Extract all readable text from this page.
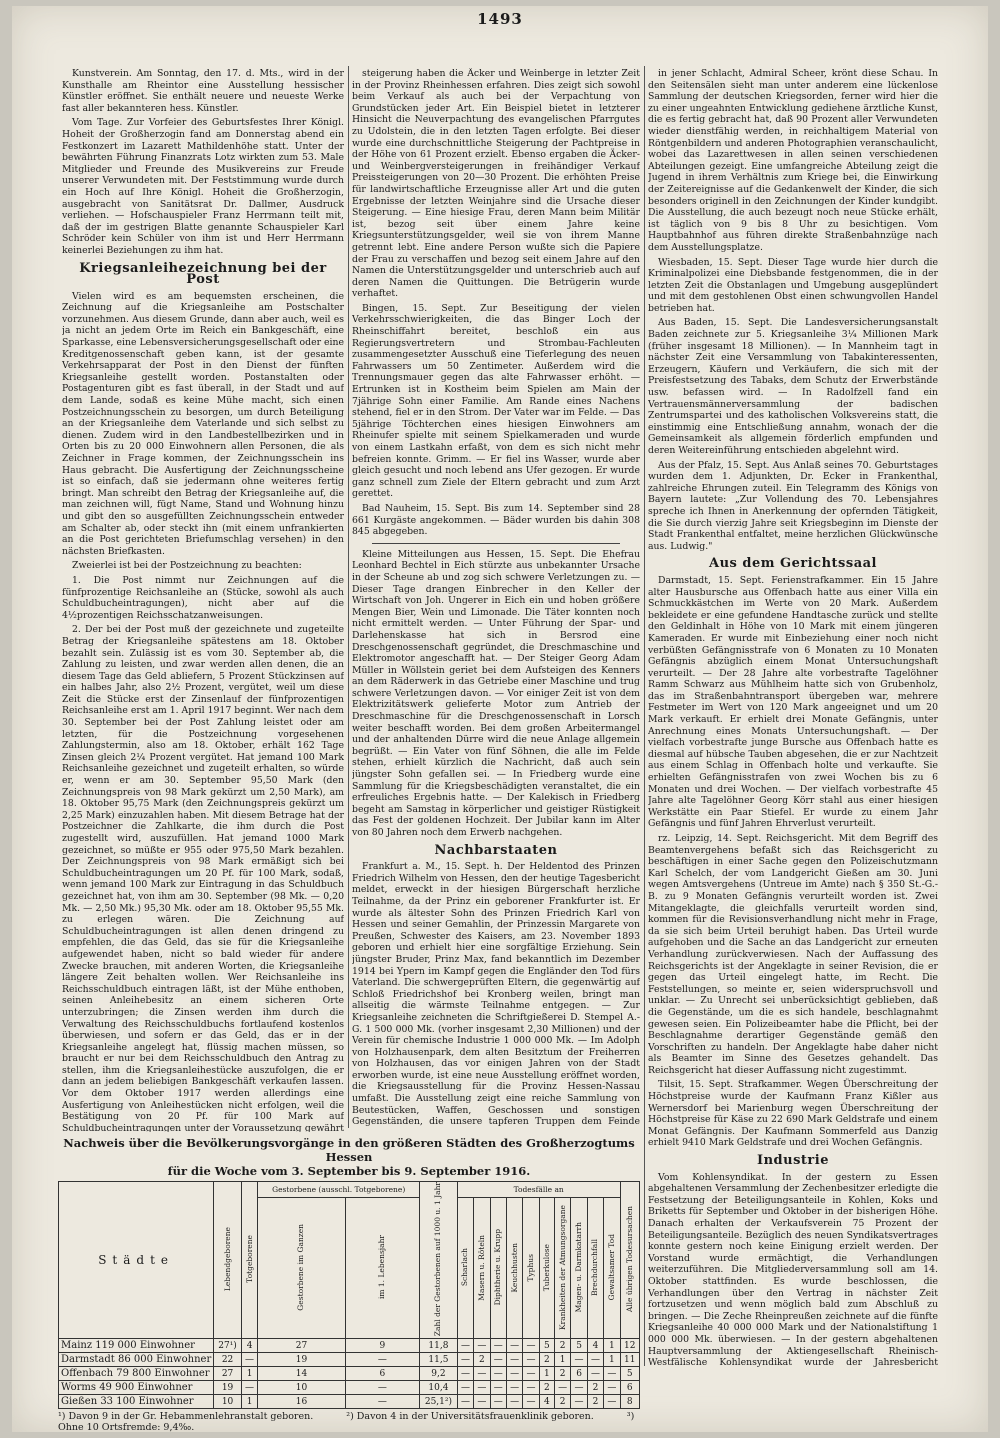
1493

Kunstverein. Am Sonntag, den 17. d. Mts., wird in der Kunsthalle am Rheintor eine Ausstellung hessischer Künstler eröffnet. Sie enthält neuere und neueste Werke fast aller bekannteren hess. Künstler.

Vom Tage. Zur Vorfeier des Geburtsfestes Ihrer Königl. Hoheit der Großherzogin fand am Donnerstag abend ein Festkonzert im Lazarett Mathildenhöhe statt. Unter der bewährten Führung Finanzrats Lotz wirkten zum 53. Male Mitglieder und Freunde des Musikvereins zur Freude unserer Verwundeten mit. Der Feststimmung wurde durch ein Hoch auf Ihre Königl. Hoheit die Großherzogin, ausgebracht von Sanitätsrat Dr. Dallmer, Ausdruck verliehen. — Hofschauspieler Franz Herrmann teilt mit, daß der im gestrigen Blatte genannte Schauspieler Karl Schröder kein Schüler von ihm ist und Herr Herrmann keinerlei Beziehungen zu ihm hat.

Kriegsanleihezeichnung bei der Post

Vielen wird es am bequemsten erscheinen, die Zeichnung auf die Kriegsanleihe am Postschalter vorzunehmen. Aus diesem Grunde, dann aber auch, weil es ja nicht an jedem Orte im Reich ein Bankgeschäft, eine Sparkasse, eine Lebensversicherungsgesellschaft oder eine Kreditgenossenschaft geben kann, ist der gesamte Verkehrsapparat der Post in den Dienst der fünften Kriegsanleihe gestellt worden. Postanstalten oder Postagenturen gibt es fast überall, in der Stadt und auf dem Lande, sodaß es keine Mühe macht, sich einen Postzeichnungsschein zu besorgen, um durch Beteiligung an der Kriegsanleihe dem Vaterlande und sich selbst zu dienen. Zudem wird in den Landbestellbezirken und in Orten bis zu 20 000 Einwohnern allen Personen, die als Zeichner in Frage kommen, der Zeichnungsschein ins Haus gebracht. Die Ausfertigung der Zeichnungsscheine ist so einfach, daß sie jedermann ohne weiteres fertig bringt. Man schreibt den Betrag der Kriegsanleihe auf, die man zeichnen will, fügt Name, Stand und Wohnung hinzu und gibt den so ausgefüllten Zeichnungsschein entweder am Schalter ab, oder steckt ihn (mit einem unfrankierten an die Post gerichteten Briefumschlag versehen) in den nächsten Briefkasten.

Zweierlei ist bei der Postzeichnung zu beachten:

1. Die Post nimmt nur Zeichnungen auf die fünfprozentige Reichsanleihe an (Stücke, sowohl als auch Schuldbucheintragungen), nicht aber auf die 4½prozentigen Reichsschatzanweisungen.

2. Der bei der Post muß der gezeichnete und zugeteilte Betrag der Kriegsanleihe spätestens am 18. Oktober bezahlt sein. Zulässig ist es vom 30. September ab, die Zahlung zu leisten, und zwar werden allen denen, die an diesem Tage das Geld abliefern, 5 Prozent Stückzinsen auf ein halbes Jahr, also 2½ Prozent, vergütet, weil um diese Zeit die Stücke erst der Zinsenlauf der fünfprozentigen Reichsanleihe erst am 1. April 1917 beginnt. Wer nach dem 30. September bei der Post Zahlung leistet oder am letzten, für die Postzeichnung vorgesehenen Zahlungstermin, also am 18. Oktober, erhält 162 Tage Zinsen gleich 2¼ Prozent vergütet. Hat jemand 100 Mark Reichsanleihe gezeichnet und zugeteilt erhalten, so würde er, wenn er am 30. September 95,50 Mark (den Zeichnungspreis von 98 Mark gekürzt um 2,50 Mark), am 18. Oktober 95,75 Mark (den Zeichnungspreis gekürzt um 2,25 Mark) einzuzahlen haben. Mit diesem Betrage hat der Postzeichner die Zahlkarte, die ihm durch die Post zugestellt wird, auszufüllen. Hat jemand 1000 Mark gezeichnet, so müßte er 955 oder 975,50 Mark bezahlen. Der Zeichnungspreis von 98 Mark ermäßigt sich bei Schuldbucheintragungen um 20 Pf. für 100 Mark, sodaß, wenn jemand 100 Mark zur Eintragung in das Schuldbuch gezeichnet hat, von ihm am 30. September (98 Mk. — 0,20 Mk. — 2,50 Mk.) 95,30 Mk. oder am 18. Oktober 95,55 Mk. zu erlegen wären. Die Zeichnung auf Schuldbucheintragungen ist allen denen dringend zu empfehlen, die das Geld, das sie für die Kriegsanleihe aufgewendet haben, nicht so bald wieder für andere Zwecke brauchen, mit anderen Worten, die Kriegsanleihe längere Zeit behalten wollen. Wer Reichsanleihe ins Reichsschuldbuch eintragen läßt, ist der Mühe enthoben, seinen Anleihebesitz an einem sicheren Orte unterzubringen; die Zinsen werden ihm durch die Verwaltung des Reichsschuldbuchs fortlaufend kostenlos überwiesen, und sofern er das Geld, das er in der Kriegsanleihe angelegt hat, flüssig machen müssen, so braucht er nur bei dem Reichsschuldbuch den Antrag zu stellen, ihm die Kriegsanleihestücke auszufolgen, die er dann an jedem beliebigen Bankgeschäft verkaufen lassen. Vor dem Oktober 1917 werden allerdings eine Ausfertigung von Anleihestücken nicht erfolgen, weil die Bestätigung von 20 Pf. für 100 Mark auf Schuldbucheintragungen unter der Voraussetzung gewährt

steigerung haben die Äcker und Weinberge in letzter Zeit in der Provinz Rheinhessen erfahren. Dies zeigt sich sowohl beim Verkauf als auch bei der Verpachtung von Grundstücken jeder Art. Ein Beispiel bietet in letzterer Hinsicht die Neuverpachtung des evangelischen Pfarrgutes zu Udolstein, die in den letzten Tagen erfolgte. Bei dieser wurde eine durchschnittliche Steigerung der Pachtpreise in der Höhe von 61 Prozent erzielt. Ebenso ergaben die Äcker- und Weinbergversteigerungen in freihändiger Verkauf Preissteigerungen von 20—30 Prozent. Die erhöhten Preise für landwirtschaftliche Erzeugnisse aller Art und die guten Ergebnisse der letzten Weinjahre sind die Ursache dieser Steigerung. — Eine hiesige Frau, deren Mann beim Militär ist, bezog seit über einem Jahre keine Kriegsunterstützungsgelder, weil sie von ihrem Manne getrennt lebt. Eine andere Person wußte sich die Papiere der Frau zu verschaffen und bezog seit einem Jahre auf den Namen die Unterstützungsgelder und unterschrieb auch auf deren Namen die Quittungen. Die Betrügerin wurde verhaftet.

Bingen, 15. Sept. Zur Beseitigung der vielen Verkehrsschwierigkeiten, die das Binger Loch der Rheinschiffahrt bereitet, beschloß ein aus Regierungsvertretern und Strombau-Fachleuten zusammengesetzter Ausschuß eine Tieferlegung des neuen Fahrwassers um 50 Zentimeter. Außerdem wird die Trennungsmauer gegen das alte Fahrwasser erhöht. — Ertrunken ist in Kostheim beim Spielen am Main der 7jährige Sohn einer Familie. Am Rande eines Nachens stehend, fiel er in den Strom. Der Vater war im Felde. — Das 5jährige Töchterchen eines hiesigen Einwohners am Rheinufer spielte mit seinem Spielkameraden und wurde von einem Lastkahn erfaßt, von dem es sich nicht mehr befreien konnte. Grimm. — Er fiel ins Wasser, wurde aber gleich gesucht und noch lebend ans Ufer gezogen. Er wurde ganz schnell zum Ziele der Eltern gebracht und zum Arzt gerettet.

Bad Nauheim, 15. Sept. Bis zum 14. September sind 28 661 Kurgäste angekommen. — Bäder wurden bis dahin 308 845 abgegeben.

Kleine Mitteilungen aus Hessen, 15. Sept. Die Ehefrau Leonhard Bechtel in Eich stürzte aus unbekannter Ursache in der Scheune ab und zog sich schwere Verletzungen zu. — Dieser Tage drangen Einbrecher in den Keller der Wirtschaft von Joh. Ungerer in Eich ein und hoben größere Mengen Bier, Wein und Limonade. Die Täter konnten noch nicht ermittelt werden. — Unter Führung der Spar- und Darlehenskasse hat sich in Bersrod eine Dreschgenossenschaft gegründet, die Dreschmaschine und Elektromotor angeschafft hat. — Der Steiger Georg Adam Müller in Wöllstein geriet bei dem Aufsteigen des Kenners an dem Räderwerk in das Getriebe einer Maschine und trug schwere Verletzungen davon. — Vor einiger Zeit ist von dem Elektrizitätswerk gelieferte Motor zum Antrieb der Dreschmaschine für die Dreschgenossenschaft in Lorsch weiter beschafft worden. Bei dem großen Arbeitermangel und der anhaltenden Dürre wird die neue Anlage allgemein begrüßt. — Ein Vater von fünf Söhnen, die alle im Felde stehen, erhielt kürzlich die Nachricht, daß auch sein jüngster Sohn gefallen sei. — In Friedberg wurde eine Sammlung für die Kriegsbeschädigten veranstaltet, die ein erfreuliches Ergebnis hatte. — Der Kalekisch in Friedberg begeht am Samstag in körperlicher und geistiger Rüstigkeit das Fest der goldenen Hochzeit. Der Jubilar kann im Alter von 80 Jahren noch dem Erwerb nachgehen.

Nachbarstaaten

Frankfurt a. M., 15. Sept. h. Der Heldentod des Prinzen Friedrich Wilhelm von Hessen, den der heutige Tagesbericht meldet, erweckt in der hiesigen Bürgerschaft herzliche Teilnahme, da der Prinz ein geborener Frankfurter ist. Er wurde als ältester Sohn des Prinzen Friedrich Karl von Hessen und seiner Gemahlin, der Prinzessin Margarete von Preußen, Schwester des Kaisers, am 23. November 1893 geboren und erhielt hier eine sorgfältige Erziehung. Sein jüngster Bruder, Prinz Max, fand bekanntlich im Dezember 1914 bei Ypern im Kampf gegen die Engländer den Tod fürs Vaterland. Die schwergeprüften Eltern, die gegenwärtig auf Schloß Friedrichshof bei Kronberg weilen, bringt man allseitig die wärmste Teilnahme entgegen. — Zur Kriegsanleihe zeichneten die Schriftgießerei D. Stempel A.-G. 1 500 000 Mk. (vorher insgesamt 2,30 Millionen) und der Verein für chemische Industrie 1 000 000 Mk. — Im Adolph von Holzhausenpark, dem alten Besitztum der Freiherren von Holzhausen, das vor einigen Jahren von der Stadt erworben wurde, ist eine neue Ausstellung eröffnet worden, die Kriegsausstellung für die Provinz Hessen-Nassau umfaßt. Die Ausstellung zeigt eine reiche Sammlung von Beutestücken, Waffen, Geschossen und sonstigen Gegenständen, die unsere tapferen Truppen dem Feinde

in jener Schlacht, Admiral Scheer, krönt diese Schau. In den Seitensälen sieht man unter anderem eine lückenlose Sammlung der deutschen Kriegsorden, ferner wird hier die zu einer ungeahnten Entwicklung gediehene ärztliche Kunst, die es fertig gebracht hat, daß 90 Prozent aller Verwundeten wieder dienstfähig werden, in reichhaltigem Material von Röntgenbildern und anderen Photographien veranschaulicht, wobei das Lazarettwesen in allen seinen verschiedenen Abteilungen gezeigt. Eine umfangreiche Abteilung zeigt die Jugend in ihrem Verhältnis zum Kriege bei, die Einwirkung der Zeitereignisse auf die Gedankenwelt der Kinder, die sich besonders originell in den Zeichnungen der Kinder kundgibt. Die Ausstellung, die auch bezeugt noch neue Stücke erhält, ist täglich von 9 bis 8 Uhr zu besichtigen. Vom Hauptbahnhof aus führen direkte Straßenbahnzüge nach dem Ausstellungsplatze.

Wiesbaden, 15. Sept. Dieser Tage wurde hier durch die Kriminalpolizei eine Diebsbande festgenommen, die in der letzten Zeit die Obstanlagen und Umgebung ausgeplündert und mit dem gestohlenen Obst einen schwungvollen Handel betrieben hat.

Aus Baden, 15. Sept. Die Landesversicherungsanstalt Baden zeichnete zur 5. Kriegsanleihe 3¼ Millionen Mark (früher insgesamt 18 Millionen). — In Mannheim tagt in nächster Zeit eine Versammlung von Tabakinteressenten, Erzeugern, Käufern und Verkäufern, die sich mit der Preisfestsetzung des Tabaks, dem Schutz der Erwerbstände usw. befassen wird. — In Radolfzell fand ein Vertrauensmännerversammlung der badischen Zentrumspartei und des katholischen Volksvereins statt, die einstimmig eine Entschließung annahm, wonach der die Gemeinsamkeit als allgemein förderlich empfunden und deren Weitereinführung entschieden abgelehnt wird.

Aus der Pfalz, 15. Sept. Aus Anlaß seines 70. Geburtstages wurden dem 1. Adjunkten, Dr. Ecker in Frankenthal, zahlreiche Ehrungen zuteil. Ein Telegramm des Königs von Bayern lautete: „Zur Vollendung des 70. Lebensjahres spreche ich Ihnen in Anerkennung der opfernden Tätigkeit, die Sie durch vierzig Jahre seit Kriegsbeginn im Dienste der Stadt Frankenthal entfaltet, meine herzlichen Glückwünsche aus. Ludwig."

Aus dem Gerichtssaal

Darmstadt, 15. Sept. Ferienstrafkammer. Ein 15 Jahre alter Hausbursche aus Offenbach hatte aus einer Villa ein Schmuckkästchen im Werte von 20 Mark. Außerdem bekleidete er eine gefundene Handtasche zurück und stellte den Geldinhalt in Höhe von 10 Mark mit einem jüngeren Kameraden. Er wurde mit Einbeziehung einer noch nicht verbüßten Gefängnisstrafe von 6 Monaten zu 10 Monaten Gefängnis abzüglich einem Monat Untersuchungshaft verurteilt. — Der 28 Jahre alte vorbestrafte Tagelöhner Ramm Schwarz aus Mühlheim hatte sich von Grubenholz, das im Straßenbahntransport übergeben war, mehrere Festmeter im Wert von 120 Mark angeeignet und um 20 Mark verkauft. Er erhielt drei Monate Gefängnis, unter Anrechnung eines Monats Untersuchungshaft. — Der vielfach vorbestrafte junge Bursche aus Offenbach hatte es diesmal auf hübsche Tauben abgesehen, die er zur Nachtzeit aus einem Schlag in Offenbach holte und verkaufte. Sie erhielten Gefängnisstrafen von zwei Wochen bis zu 6 Monaten und drei Wochen. — Der vielfach vorbestrafte 45 Jahre alte Tagelöhner Georg Körr stahl aus einer hiesigen Werkstätte ein Paar Stiefel. Er wurde zu einem Jahr Gefängnis und fünf Jahren Ehrverlust verurteilt.

rz. Leipzig, 14. Sept. Reichsgericht. Mit dem Begriff des Beamtenvergehens befaßt sich das Reichsgericht zu beschäftigen in einer Sache gegen den Polizeischutzmann Karl Schelch, der vom Landgericht Gießen am 30. Juni wegen Amtsvergehens (Untreue im Amte) nach § 350 St.-G.-B. zu 9 Monaten Gefängnis verurteilt worden ist. Zwei Mitangeklagte, die gleichfalls verurteilt worden sind, kommen für die Revisionsverhandlung nicht mehr in Frage, da sie sich beim Urteil beruhigt haben. Das Urteil wurde aufgehoben und die Sache an das Landgericht zur erneuten Verhandlung zurückverwiesen. Nach der Auffassung des Reichsgerichts ist der Angeklagte in seiner Revision, die er gegen das Urteil eingelegt hatte, im Recht. Die Feststellungen, so meinte er, seien widerspruchsvoll und unklar. — Zu Unrecht sei unberücksichtigt geblieben, daß die Gegenstände, um die es sich handele, beschlagnahmt gewesen seien. Ein Polizeibeamter habe die Pflicht, bei der Beschlagnahme derartiger Gegenstände gemäß den Vorschriften zu handeln. Der Angeklagte habe daher nicht als Beamter im Sinne des Gesetzes gehandelt. Das Reichsgericht hat dieser Auffassung nicht zugestimmt.

Tilsit, 15. Sept. Strafkammer. Wegen Überschreitung der Höchstpreise wurde der Kaufmann Franz Kißler aus Wernersdorf bei Marienburg wegen Überschreitung der Höchstpreise für Käse zu 22 690 Mark Geldstrafe und einem Monat Gefängnis. Der Kaufmann Sommerfeld aus Danzig erhielt 9410 Mark Geldstrafe und drei Wochen Gefängnis.

Industrie

Vom Kohlensyndikat. In der gestern zu Essen abgehaltenen Versammlung der Zechenbesitzer erledigte die Festsetzung der Beteiligungsanteile in Kohlen, Koks und Briketts für September und Oktober in der bisherigen Höhe. Danach erhalten der Verkaufsverein 75 Prozent der Beteiligungsanteile. Bezüglich des neuen Syndikatsvertrages konnte gestern noch keine Einigung erzielt werden. Der Vorstand wurde ermächtigt, die Verhandlungen weiterzuführen. Die Mitgliederversammlung soll am 14. Oktober stattfinden. Es wurde beschlossen, die Verhandlungen über den Vertrag in nächster Zeit fortzusetzen und wenn möglich bald zum Abschluß zu bringen. — Die Zeche Rheinpreußen zeichnete auf die fünfte Kriegsanleihe 40 000 000 Mark und der Nationalstiftung 1 000 000 Mk. überwiesen. — In der gestern abgehaltenen Hauptversammlung der Aktiengesellschaft Rheinisch-Westfälische Kohlensyndikat wurde der Jahresbericht

Nachweis über die Bevölkerungsvorgänge in den größeren Städten des Großherzogtums Hessen
für die Woche vom 3. September bis 9. September 1916.
Städte	Lebendgeborene	Totgeborene	Gestorbene (ausschl. Totgeborene)		Zahl der Gestorbenen auf 1000 u. 1 Jahr	Todesfälle an										Alle übrigen Todesursachen
			Gestorbene im Ganzen	im 1. Lebensjahr		Scharlach	Masern u. Röteln	Diphtherie u. Krupp	Keuchhusten	Typhus	Tuberkulose	Krankheiten der Atmungsorgane	Magen- u. Darmkatarrh	Brechdurchfall	Gewaltsamer Tod	
Mainz 119 000 Einwohner	27¹)	4	27	9	11,8	—	—	—	—	—	5	2	5	4	1	12
Darmstadt 86 000 Einwohner	22	—	19	—	11,5	—	2	—	—	—	2	1	—	—	1	11
Offenbach 79 800 Einwohner	27	1	14	6	9,2	—	—	—	—	—	1	2	6	—	—	5
Worms 49 900 Einwohner	19	—	10	—	10,4	—	—	—	—	—	2	—	—	2	—	6
Gießen 33 100 Einwohner	10	1	16	—	25,1²)	—	—	—	—	—	4	2	—	2	—	8
¹) Davon 9 in der Gr. Hebammenlehranstalt geboren.	²) Davon 4 in der Universitätsfrauenklinik geboren.	³) Ohne 10 Ortsfremde: 9,4‰.
